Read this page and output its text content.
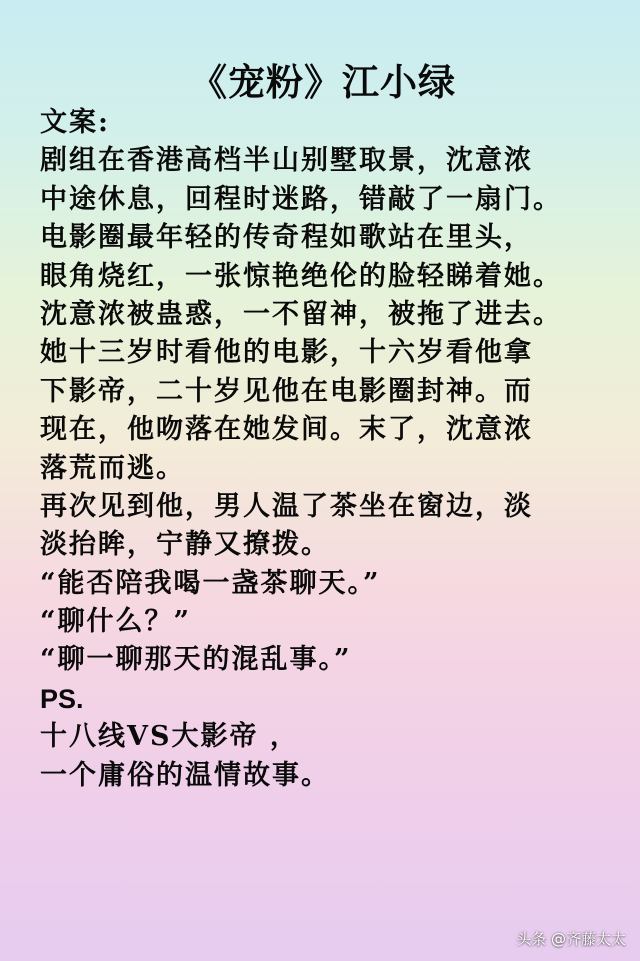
《宠粉》江小绿
文案:
剧组在香港高档半山别墅取景，沈意浓
中途休息，回程时迷路，错敲了一扇门。
电影圈最年轻的传奇程如歌站在里头，
眼角烧红，一张惊艳绝伦的脸轻睇着她。
沈意浓被蛊惑，一不留神，被拖了进去。
她十三岁时看他的电影，十六岁看他拿
下影帝，二十岁见他在电影圈封神。而
现在，他吻落在她发间。末了，沈意浓
落荒而逃。
再次见到他，男人温了茶坐在窗边，淡
淡抬眸，宁静又撩拨。
“能否陪我喝一盏茶聊天。”
“聊什么？”
“聊一聊那天的混乱事。”
PS.
十八线VS大影帝 ，
一个庸俗的温情故事。
头条 @齐藤太太
